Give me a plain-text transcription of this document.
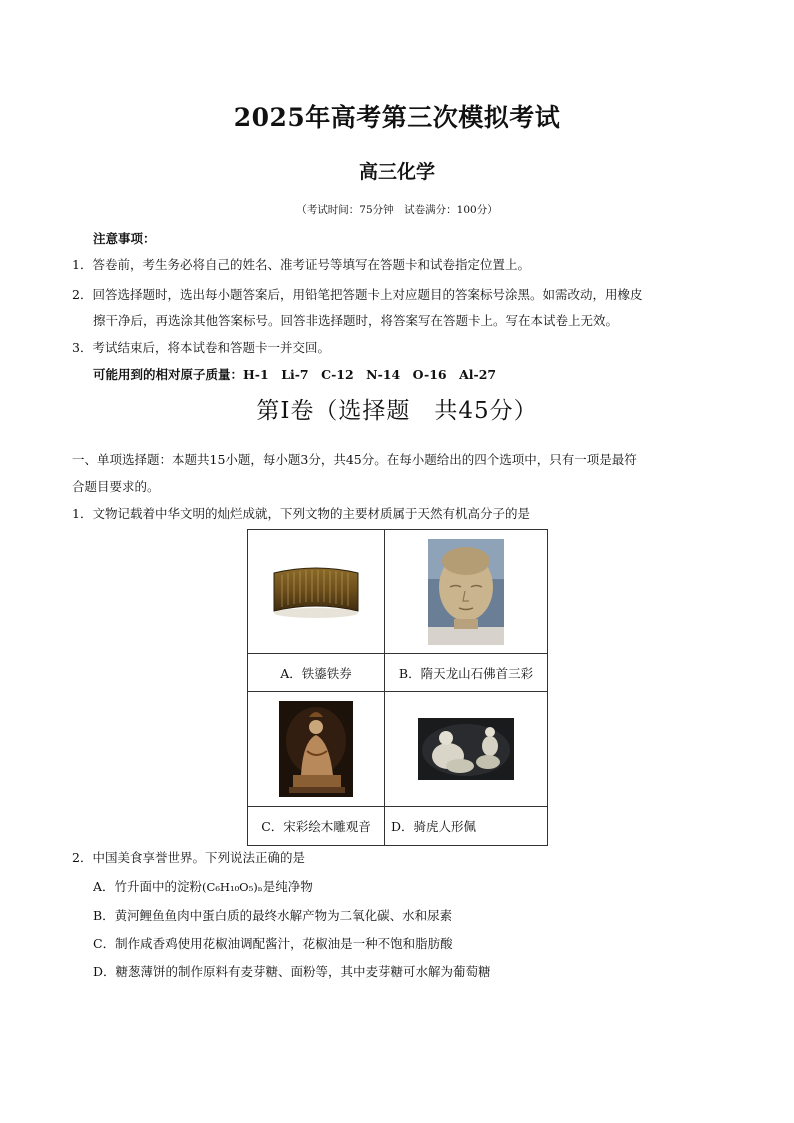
2025年高考第三次模拟考试
高三化学
（考试时间：75分钟　试卷满分：100分）
注意事项：
1．答卷前，考生务必将自己的姓名、准考证号等填写在答题卡和试卷指定位置上。
2．回答选择题时，选出每小题答案后，用铅笔把答题卡上对应题目的答案标号涂黑。如需改动，用橡皮
擦干净后，再选涂其他答案标号。回答非选择题时，将答案写在答题卡上。写在本试卷上无效。
3．考试结束后，将本试卷和答题卡一并交回。
可能用到的相对原子质量：H-1　Li-7　C-12　N-14　O-16　Al-27
第Ⅰ卷（选择题　共45分）
一、单项选择题：本题共15小题，每小题3分，共45分。在每小题给出的四个选项中，只有一项是最符
合题目要求的。
1．文物记载着中华文明的灿烂成就，下列文物的主要材质属于天然有机高分子的是

A．铁鎏铁券	B．隋天龙山石佛首三彩

C．宋彩绘木雕观音	D．骑虎人形佩
2．中国美食享誉世界。下列说法正确的是
A．竹升面中的淀粉(C₆H₁₀O₅)ₙ是纯净物
B．黄河鲤鱼鱼肉中蛋白质的最终水解产物为二氧化碳、水和尿素
C．制作咸香鸡使用花椒油调配酱汁，花椒油是一种不饱和脂肪酸
D．糖葱薄饼的制作原料有麦芽糖、面粉等，其中麦芽糖可水解为葡萄糖
